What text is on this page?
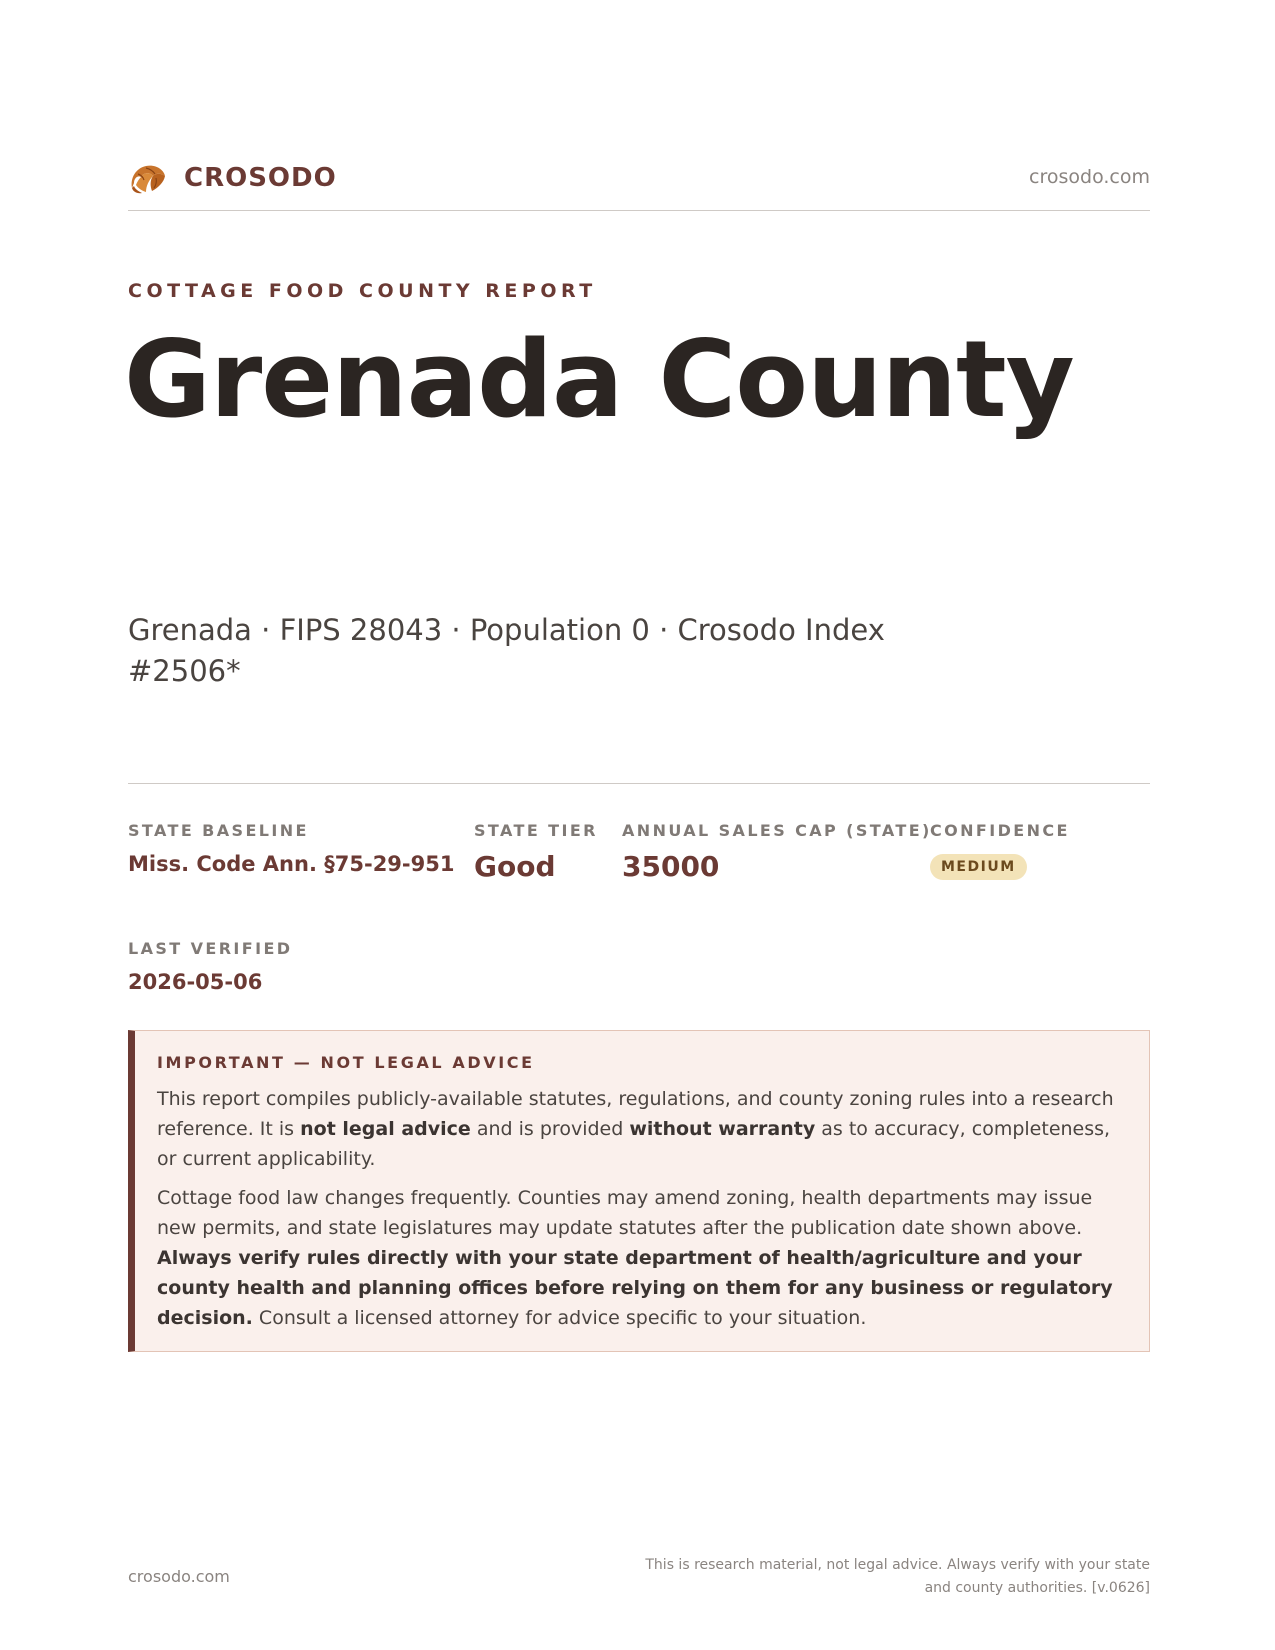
CROSODO	crosodo.com
COTTAGE FOOD COUNTY REPORT
Grenada County
Grenada · FIPS 28043 · Population 0 · Crosodo Index #2506*
STATE BASELINE
Miss. Code Ann. §75-29-951
STATE TIER
Good
ANNUAL SALES CAP (STATE)
35000
CONFIDENCE
MEDIUM
LAST VERIFIED
2026-05-06
IMPORTANT — NOT LEGAL ADVICE

This report compiles publicly-available statutes, regulations, and county zoning rules into a research reference. It is not legal advice and is provided without warranty as to accuracy, completeness, or current applicability.

Cottage food law changes frequently. Counties may amend zoning, health departments may issue new permits, and state legislatures may update statutes after the publication date shown above. Always verify rules directly with your state department of health/agriculture and your county health and planning offices before relying on them for any business or regulatory decision. Consult a licensed attorney for advice specific to your situation.

crosodo.com
This is research material, not legal advice. Always verify with your state
and county authorities. [v.0626]
